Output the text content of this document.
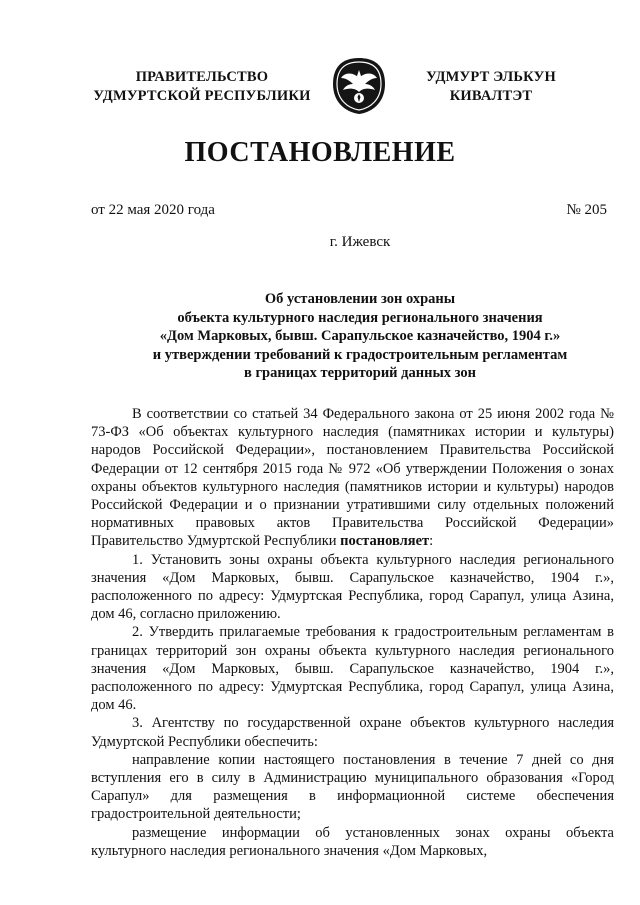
ПРАВИТЕЛЬСТВО
УДМУРТСКОЙ РЕСПУБЛИКИ
УДМУРТ ЭЛЬКУН
КИВАЛТЭТ
ПОСТАНОВЛЕНИЕ
от 22 мая 2020 года	№ 205
г. Ижевск
Об установлении зон охраны
объекта культурного наследия регионального значения
«Дом Марковых, бывш. Сарапульское казначейство, 1904 г.»
и утверждении требований к градостроительным регламентам
в границах территорий данных зон

В соответствии со статьей 34 Федерального закона от 25 июня 2002 года № 73-ФЗ «Об объектах культурного наследия (памятниках истории и культуры) народов Российской Федерации», постановлением Правительства Российской Федерации от 12 сентября 2015 года № 972 «Об утверждении Положения о зонах охраны объектов культурного наследия (памятников истории и культуры) народов Российской Федерации и о признании утратившими силу отдельных положений нормативных правовых актов Правительства Российской Федерации» Правительство Удмуртской Республики постановляет:

1. Установить зоны охраны объекта культурного наследия регионального значения «Дом Марковых, бывш. Сарапульское казначейство, 1904 г.», расположенного по адресу: Удмуртская Республика, город Сарапул, улица Азина, дом 46, согласно приложению.

2. Утвердить прилагаемые требования к градостроительным регламентам в границах территорий зон охраны объекта культурного наследия регионального значения «Дом Марковых, бывш. Сарапульское казначейство, 1904 г.», расположенного по адресу: Удмуртская Республика, город Сарапул, улица Азина, дом 46.

3. Агентству по государственной охране объектов культурного наследия Удмуртской Республики обеспечить:

направление копии настоящего постановления в течение 7 дней со дня вступления его в силу в Администрацию муниципального образования «Город Сарапул» для размещения в информационной системе обеспечения градостроительной деятельности;

размещение информации об установленных зонах охраны объекта культурного наследия регионального значения «Дом Марковых,
